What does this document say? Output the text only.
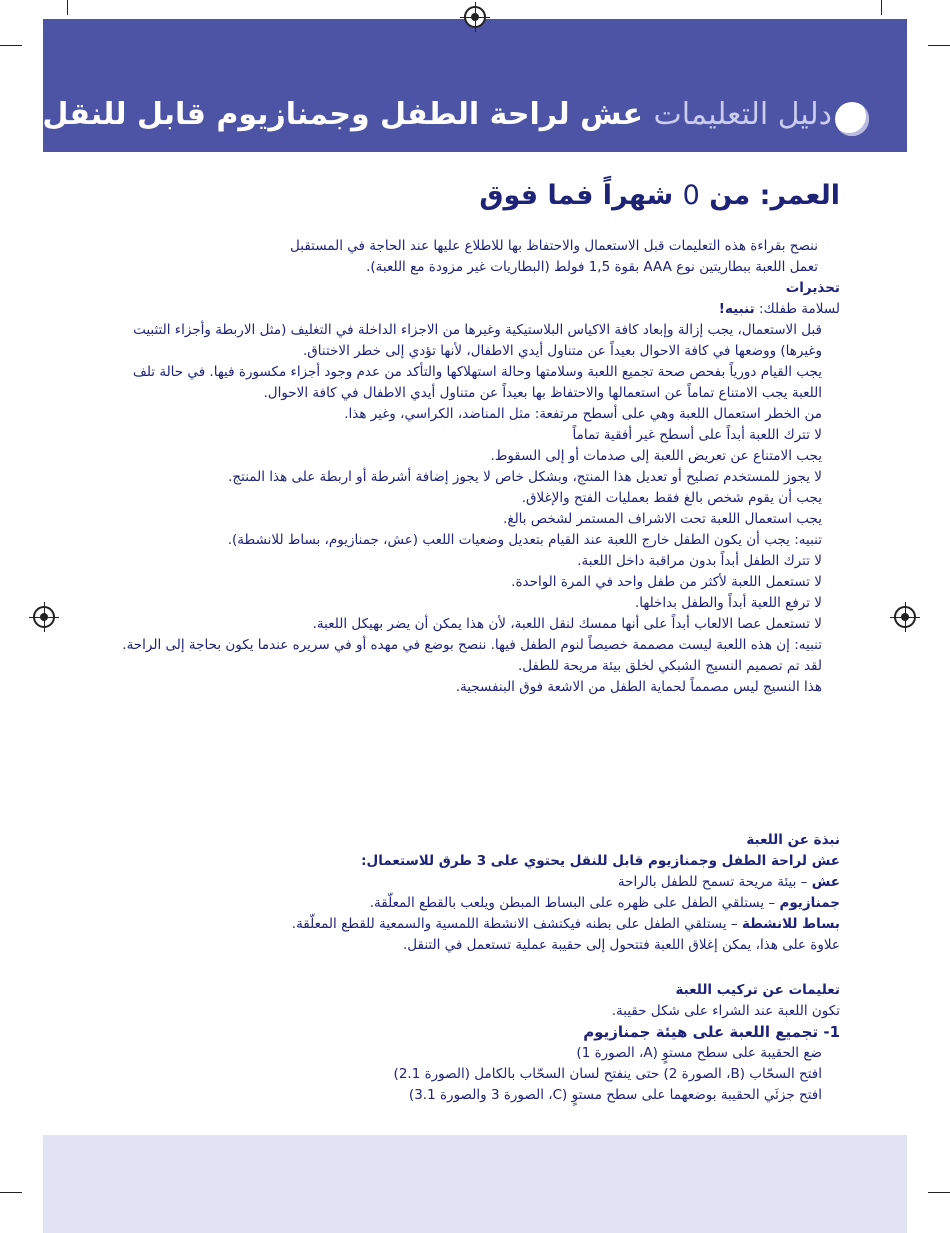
دليل التعليمات عش لراحة الطفل وجمنازيوم قابل للنقل
العمر: من 0 شهراً فما فوق

ننصح بقراءة هذه التعليمات قبل الاستعمال والاحتفاظ بها للاطلاع عليها عند الحاجة في المستقبل

تعمل اللعبة ببطاريتين نوع AAA بقوة 1,5 فولط (البطاريات غير مزودة مع اللعبة).

تحذيرات

لسلامة طفلك: تنبيه!

قبل الاستعمال، يجب إزالة وإبعاد كافة الاكياس البلاستيكية وغيرها من الاجزاء الداخلة في التغليف (مثل الاربطة وأجزاء التثبيت وغيرها) ووضعها في كافة الاحوال بعيداً عن متناول أيدي الاطفال، لأنها تؤدي إلى خطر الاختناق.

يجب القيام دورياً بفحص صحة تجميع اللعبة وسلامتها وحالة استهلاكها والتأكد من عدم وجود أجزاء مكسورة فيها. في حالة تلف اللعبة يجب الامتناع تماماً عن استعمالها والاحتفاظ بها بعيداً عن متناول أيدي الاطفال في كافة الاحوال.

من الخطر استعمال اللعبة وهي على أسطح مرتفعة: مثل المناضد، الكراسي، وغير هذا.

لا تترك اللعبة أبداً على أسطح غير أفقية تماماً

يجب الامتناع عن تعريض اللعبة إلى صدمات أو إلى السقوط.

لا يجوز للمستخدم تصليح أو تعديل هذا المنتج، وبشكل خاص لا يجوز إضافة أشرطة أو اربطة على هذا المنتج.

يجب أن يقوم شخص بالغ فقط بعمليات الفتح والإغلاق.

يجب استعمال اللعبة تحت الاشراف المستمر لشخص بالغ.

تنبيه: يجب أن يكون الطفل خارج اللعبة عند القيام بتعديل وضعيات اللعب (عش، جمنازيوم، بساط للانشطة).

لا تترك الطفل أبداً بدون مراقبة داخل اللعبة.

لا تستعمل اللعبة لأكثر من طفل واحد في المرة الواحدة.

لا ترفع اللعبة أبداً والطفل بداخلها.

لا تستعمل عصا الالعاب أبداً على أنها ممسك لنقل اللعبة، لأن هذا يمكن أن يضر بهيكل اللعبة.

تنبيه: إن هذه اللعبة ليست مصممة خصيصاً لنوم الطفل فيها. ننصح بوضع في مهده أو في سريره عندما يكون بحاجة إلى الراحة.

لقد تم تصميم النسيج الشبكي لخلق بيئة مريحة للطفل.

هذا النسيج ليس مصمماً لحماية الطفل من الاشعة فوق البنفسجية.

نبذة عن اللعبة

عش لراحة الطفل وجمنازيوم قابل للنقل يحتوي على 3 طرق للاستعمال:

عش – بيئة مريحة تسمح للطفل بالراحة

جمنازيوم – يستلقي الطفل على ظهره على البساط المبطن ويلعب بالقطع المعلّقة.

بساط للانشطة – يستلقي الطفل على بطنه فيكتشف الانشطة اللمسية والسمعية للقطع المعلّقة.

علاوة على هذا، يمكن إغلاق اللعبة فتتحول إلى حقيبة عملية تستعمل في التنقل.

تعليمات عن تركيب اللعبة

تكون اللعبة عند الشراء على شكل حقيبة.

1- تجميع اللعبة على هيئة جمنازيوم

ضع الحقيبة على سطح مستوٍ (A، الصورة 1)

افتح السحّاب (B، الصورة 2) حتى ينفتح لسان السحّاب بالكامل (الصورة 2.1)

افتح جزئَي الحقيبة بوضعهما على سطح مستوٍ (C، الصورة 3 والصورة 3.1)
